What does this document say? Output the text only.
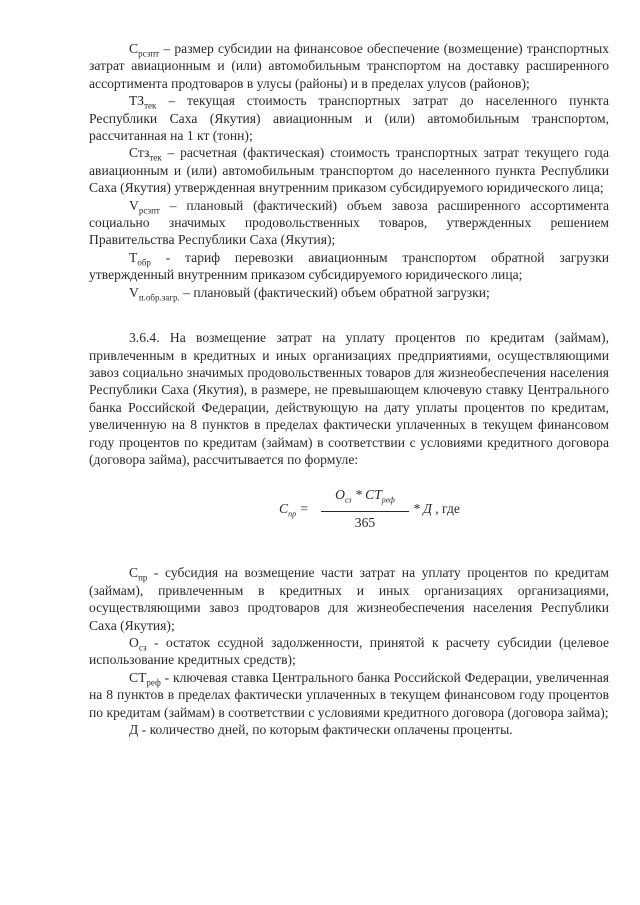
$С_{рсзпт}$ – размер субсидии на финансовое обеспечение (возмещение) транспортных затрат авиационным и (или) автомобильным транспортом на доставку расширенного ассортимента продтоваров в улусы (районы) и в пределах улусов (районов);

$ТЗ_{тек}$ – текущая стоимость транспортных затрат до населенного пункта Республики Саха (Якутия) авиационным и (или) автомобильным транспортом, рассчитанная на 1 кт (тонн);

Стз$_{тек}$ – расчетная (фактическая) стоимость транспортных затрат текущего года авиационным и (или) автомобильным транспортом до населенного пункта Республики Саха (Якутия) утвержденная внутренним приказом субсидируемого юридического лица;

$V_{рсзпт}$ – плановый (фактический) объем завоза расширенного ассортимента социально значимых продовольственных товаров, утвержденных решением Правительства Республики Саха (Якутия);

$Т_{обр}$ - тариф перевозки авиационным транспортом обратной загрузки утвержденный внутренним приказом субсидируемого юридического лица;

$V_{п.обр.загр.}$ – плановый (фактический) объем обратной загрузки;

3.6.4. На возмещение затрат на уплату процентов по кредитам (займам), привлеченным в кредитных и иных организациях предприятиями, осуществляющими завоз социально значимых продовольственных товаров для жизнеобеспечения населения Республики Саха (Якутия), в размере, не превышающем ключевую ставку Центрального банка Российской Федерации, действующую на дату уплаты процентов по кредитам, увеличенную на 8 пунктов в пределах фактически уплаченных в текущем финансовом году процентов по кредитам (займам) в соответствии с условиями кредитного договора (договора займа), рассчитывается по формуле:

$С_{пр}$ =
$О_{сз} * СТ_{реф}$
365
* Д , где

$С_{пр}$ - субсидия на возмещение части затрат на уплату процентов по кредитам (займам), привлеченным в кредитных и иных организациях организациями, осуществляющими завоз продтоваров для жизнеобеспечения населения Республики Саха (Якутия);

$О_{сз}$ - остаток ссудной задолженности, принятой к расчету субсидии (целевое использование кредитных средств);

$СТ_{реф}$ - ключевая ставка Центрального банка Российской Федерации, увеличенная на 8 пунктов в пределах фактически уплаченных в текущем финансовом году процентов по кредитам (займам) в соответствии с условиями кредитного договора (договора займа);

Д - количество дней, по которым фактически оплачены проценты.
